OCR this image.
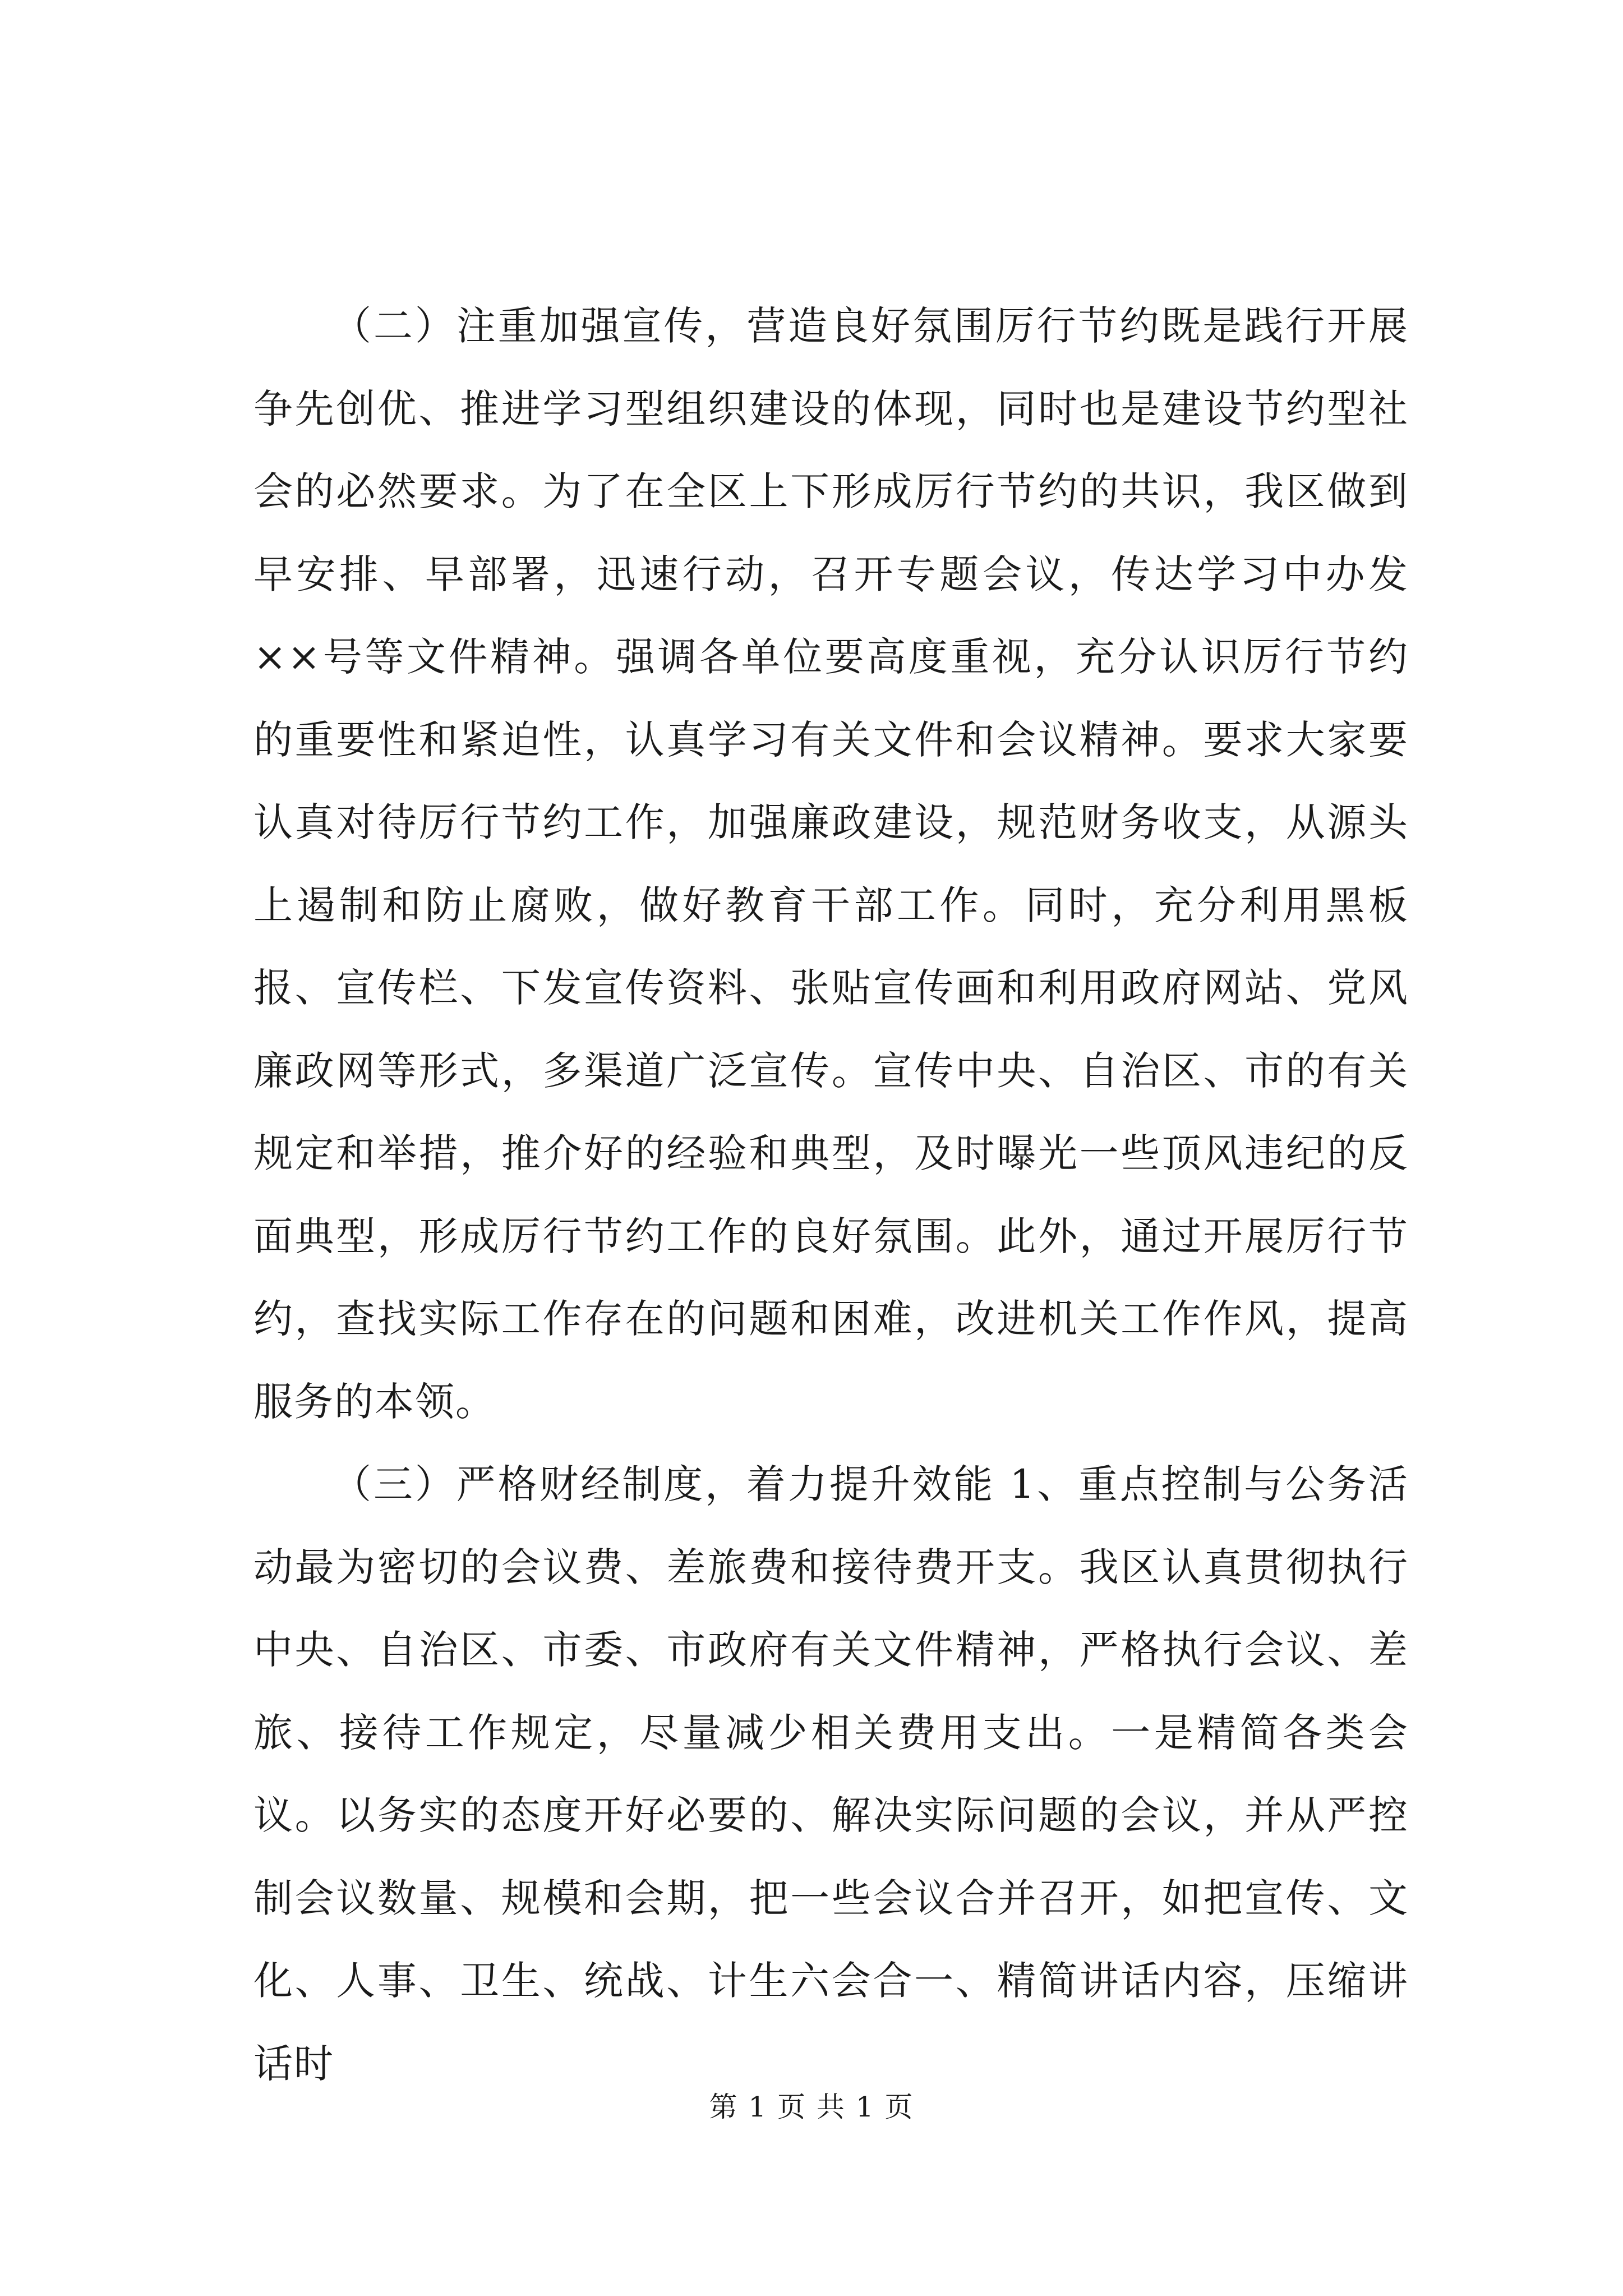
（二）注重加强宣传，营造良好氛围厉行节约既是践行开展争先创优、推进学习型组织建设的体现，同时也是建设节约型社会的必然要求。为了在全区上下形成厉行节约的共识，我区做到早安排、早部署，迅速行动，召开专题会议，传达学习中办发××号等文件精神。强调各单位要高度重视，充分认识厉行节约的重要性和紧迫性，认真学习有关文件和会议精神。要求大家要认真对待厉行节约工作，加强廉政建设，规范财务收支，从源头上遏制和防止腐败，做好教育干部工作。同时，充分利用黑板报、宣传栏、下发宣传资料、张贴宣传画和利用政府网站、党风廉政网等形式，多渠道广泛宣传。宣传中央、自治区、市的有关规定和举措，推介好的经验和典型，及时曝光一些顶风违纪的反面典型，形成厉行节约工作的良好氛围。此外，通过开展厉行节约，查找实际工作存在的问题和困难，改进机关工作作风，提高服务的本领。

（三）严格财经制度，着力提升效能 1、重点控制与公务活动最为密切的会议费、差旅费和接待费开支。我区认真贯彻执行中央、自治区、市委、市政府有关文件精神，严格执行会议、差旅、接待工作规定，尽量减少相关费用支出。一是精简各类会议。以务实的态度开好必要的、解决实际问题的会议，并从严控制会议数量、规模和会期，把一些会议合并召开，如把宣传、文化、人事、卫生、统战、计生六会合一、精简讲话内容，压缩讲话时

第 1 页 共 1 页
